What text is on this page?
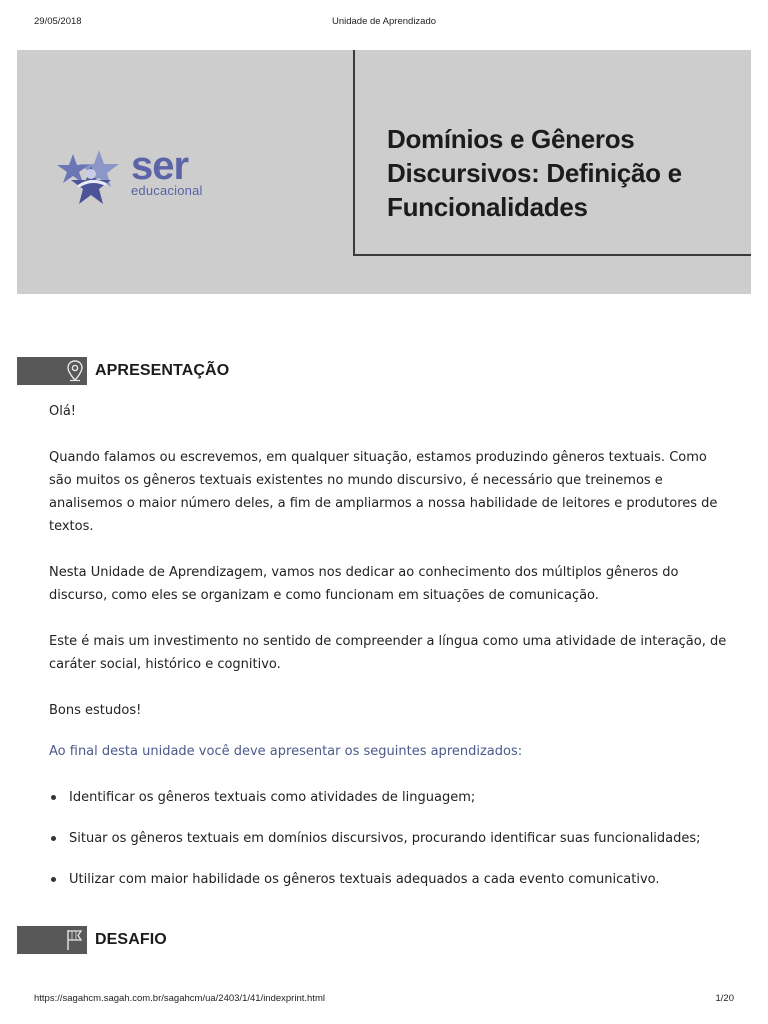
29/05/2018	Unidade de Aprendizado
ser
educacional
Domínios e Gêneros Discursivos: Definição e Funcionalidades
APRESENTAÇÃO

Olá!

Quando falamos ou escrevemos, em qualquer situação, estamos produzindo gêneros textuais. Como são muitos os gêneros textuais existentes no mundo discursivo, é necessário que treinemos e analisemos o maior número deles, a fim de ampliarmos a nossa habilidade de leitores e produtores de textos.

Nesta Unidade de Aprendizagem, vamos nos dedicar ao conhecimento dos múltiplos gêneros do discurso, como eles se organizam e como funcionam em situações de comunicação.

Este é mais um investimento no sentido de compreender a língua como uma atividade de interação, de caráter social, histórico e cognitivo.

Bons estudos!

Ao final desta unidade você deve apresentar os seguintes aprendizados:

Identificar os gêneros textuais como atividades de linguagem;
Situar os gêneros textuais em domínios discursivos, procurando identificar suas funcionalidades;
Utilizar com maior habilidade os gêneros textuais adequados a cada evento comunicativo.
DESAFIO
https://sagahcm.sagah.com.br/sagahcm/ua/2403/1/41/indexprint.html	1/20
